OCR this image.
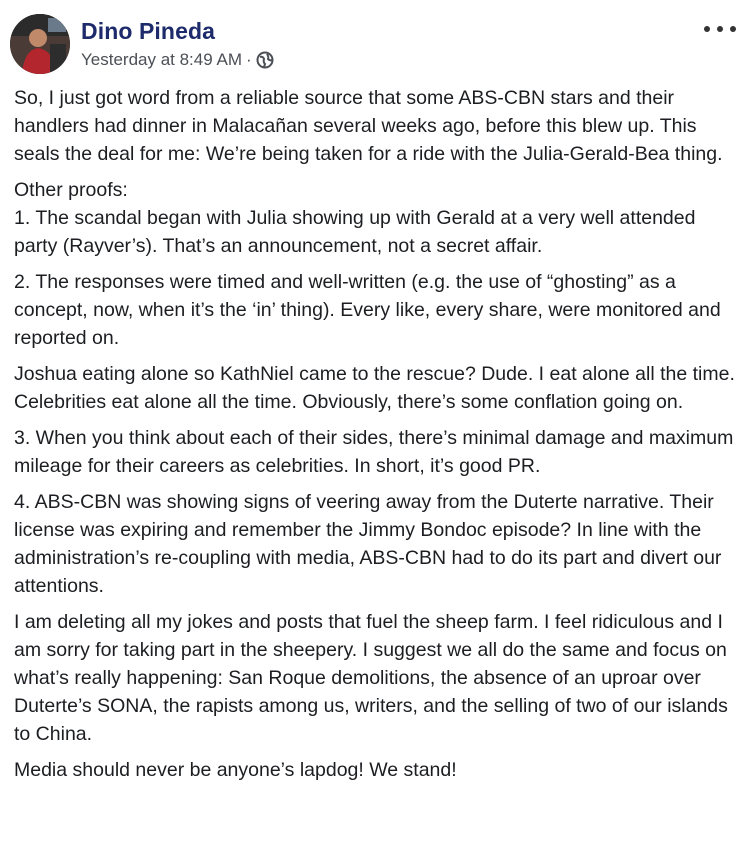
Dino Pineda
Yesterday at 8:49 AM ·

So, I just got word from a reliable source that some ABS-CBN stars and their handlers had dinner in Malacañan several weeks ago, before this blew up. This seals the deal for me: We’re being taken for a ride with the Julia-Gerald-Bea thing.

Other proofs:

1. The scandal began with Julia showing up with Gerald at a very well attended party (Rayver’s). That’s an announcement, not a secret affair.

2. The responses were timed and well-written (e.g. the use of “ghosting” as a concept, now, when it’s the ‘in’ thing). Every like, every share, were monitored and reported on.

Joshua eating alone so KathNiel came to the rescue? Dude. I eat alone all the time. Celebrities eat alone all the time. Obviously, there’s some conflation going on.

3. When you think about each of their sides, there’s minimal damage and maximum mileage for their careers as celebrities. In short, it’s good PR.

4. ABS-CBN was showing signs of veering away from the Duterte narrative. Their license was expiring and remember the Jimmy Bondoc episode? In line with the administration’s re-coupling with media, ABS-CBN had to do its part and divert our attentions.

I am deleting all my jokes and posts that fuel the sheep farm. I feel ridiculous and I am sorry for taking part in the sheepery. I suggest we all do the same and focus on what’s really happening: San Roque demolitions, the absence of an uproar over Duterte’s SONA, the rapists among us, writers, and the selling of two of our islands to China.

Media should never be anyone’s lapdog! We stand!
